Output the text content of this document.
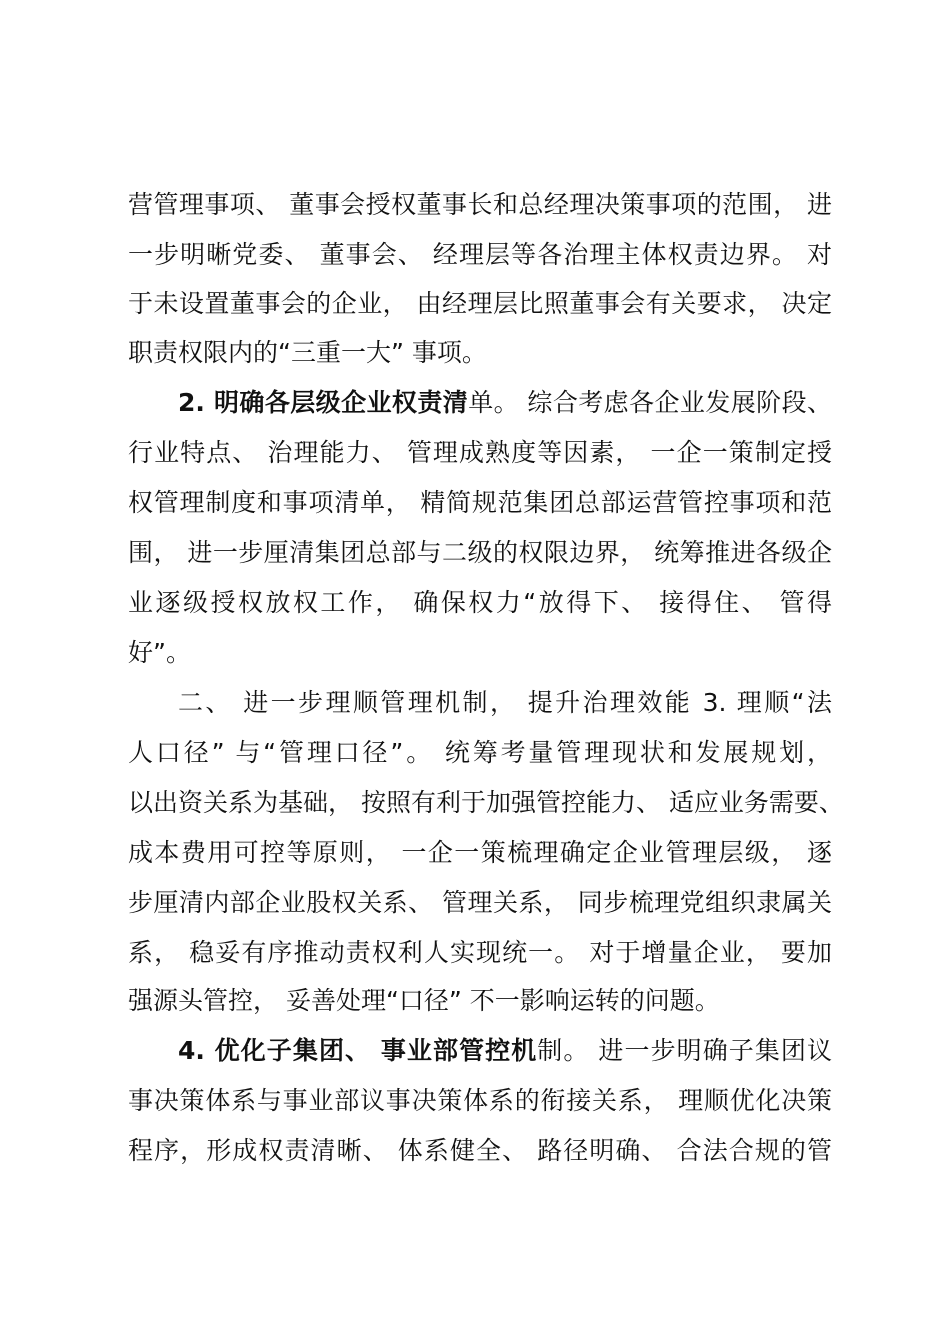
营管理事项、 董事会授权董事长和总经理决策事项的范围， 进
一步明晰党委、 董事会、 经理层等各治理主体权责边界。 对
于未设置董事会的企业， 由经理层比照董事会有关要求， 决定
职责权限内的“三重一大” 事项。
2. 明确各层级企业权责清单。 综合考虑各企业发展阶段、
行业特点、 治理能力、 管理成熟度等因素， 一企一策制定授
权管理制度和事项清单， 精简规范集团总部运营管控事项和范
围， 进一步厘清集团总部与二级的权限边界， 统筹推进各级企
业逐级授权放权工作， 确保权力“放得下、 接得住、 管得
好”。
二、 进一步理顺管理机制， 提升治理效能 3. 理顺“法
人口径” 与“管理口径”。 统筹考量管理现状和发展规划，
以出资关系为基础， 按照有利于加强管控能力、 适应业务需要、
成本费用可控等原则， 一企一策梳理确定企业管理层级， 逐
步厘清内部企业股权关系、 管理关系， 同步梳理党组织隶属关
系， 稳妥有序推动责权利人实现统一。 对于增量企业， 要加
强源头管控， 妥善处理“口径” 不一影响运转的问题。
4. 优化子集团、 事业部管控机制。 进一步明确子集团议
事决策体系与事业部议事决策体系的衔接关系， 理顺优化决策
程序，形成权责清晰、 体系健全、 路径明确、 合法合规的管
